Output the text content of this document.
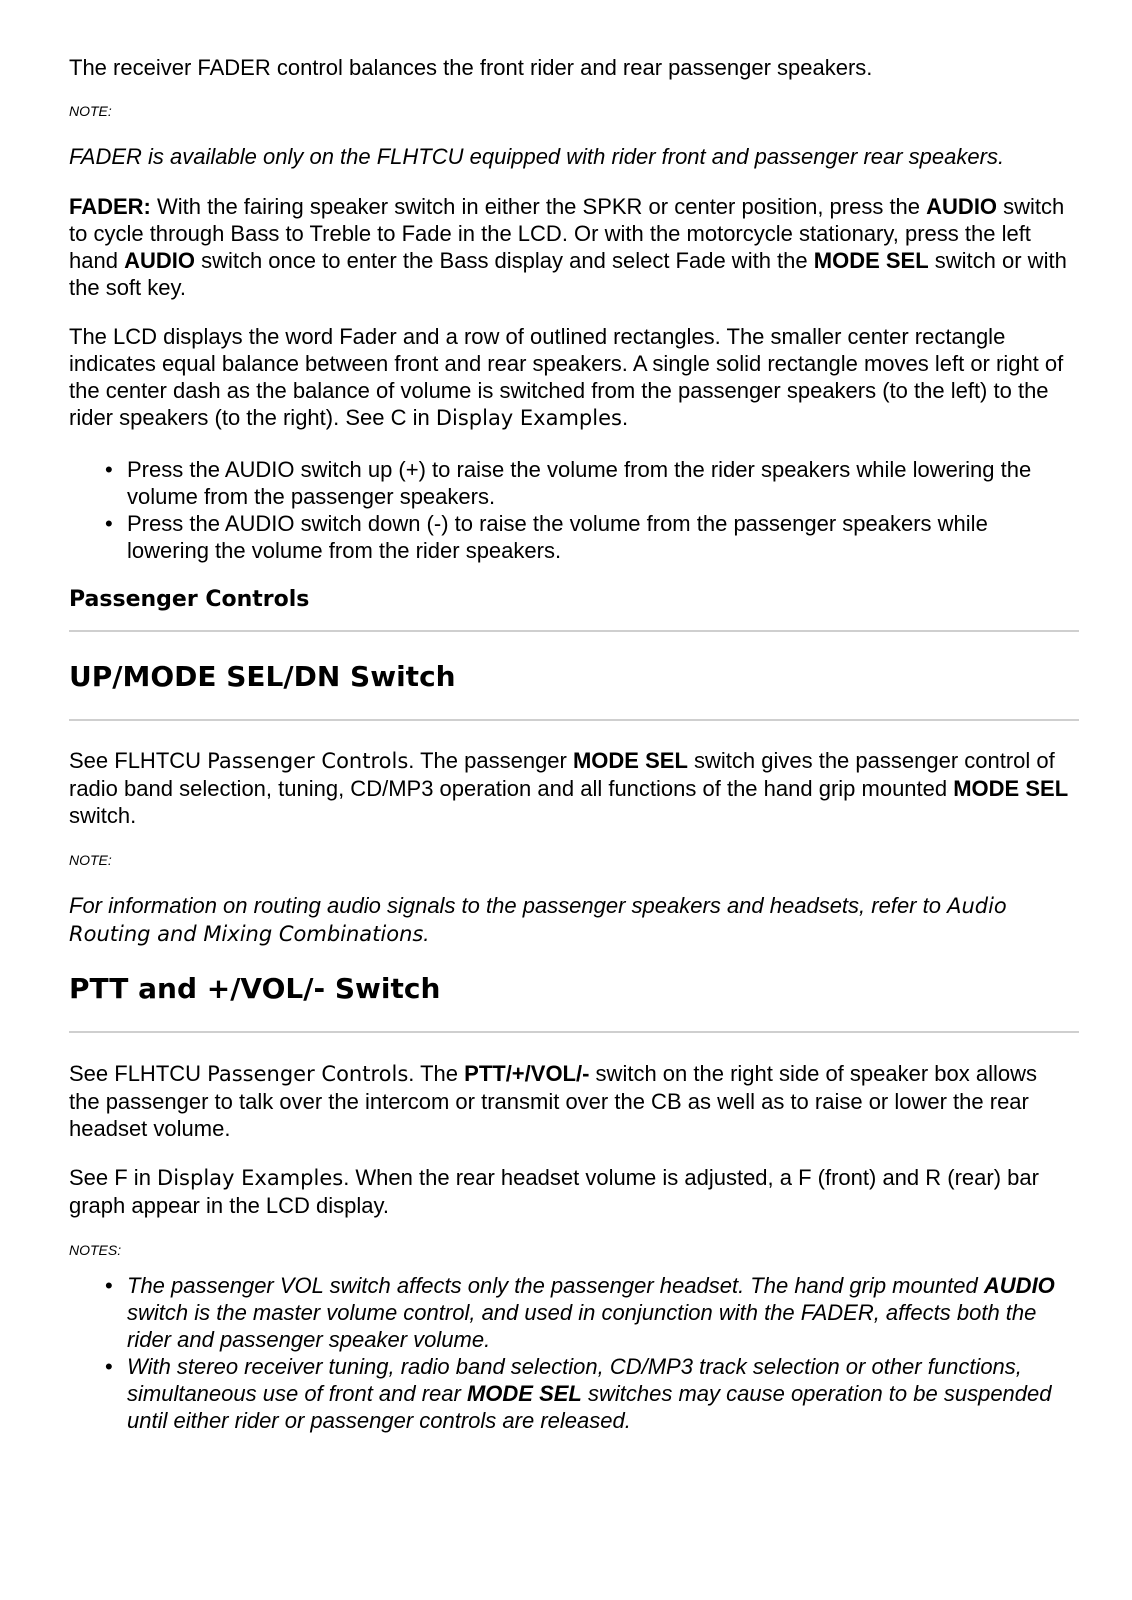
The receiver FADER control balances the front rider and rear passenger speakers.

NOTE:

FADER is available only on the FLHTCU equipped with rider front and passenger rear speakers.

FADER: With the fairing speaker switch in either the SPKR or center position, press the AUDIO switch to cycle through Bass to Treble to Fade in the LCD. Or with the motorcycle stationary, press the left hand AUDIO switch once to enter the Bass display and select Fade with the MODE SEL switch or with the soft key.

The LCD displays the word Fader and a row of outlined rectangles. The smaller center rectangle indicates equal balance between front and rear speakers. A single solid rectangle moves left or right of the center dash as the balance of volume is switched from the passenger speakers (to the left) to the rider speakers (to the right). See C in Display Examples.

• Press the AUDIO switch up (+) to raise the volume from the rider speakers while lowering the volume from the passenger speakers.
• Press the AUDIO switch down (-) to raise the volume from the passenger speakers while lowering the volume from the rider speakers.

Passenger Controls

UP/MODE SEL/DN Switch

See FLHTCU Passenger Controls. The passenger MODE SEL switch gives the passenger control of radio band selection, tuning, CD/MP3 operation and all functions of the hand grip mounted MODE SEL switch.

NOTE:

For information on routing audio signals to the passenger speakers and headsets, refer to Audio Routing and Mixing Combinations.

PTT and +/VOL/- Switch

See FLHTCU Passenger Controls. The PTT/+/VOL/- switch on the right side of speaker box allows the passenger to talk over the intercom or transmit over the CB as well as to raise or lower the rear headset volume.

See F in Display Examples. When the rear headset volume is adjusted, a F (front) and R (rear) bar graph appear in the LCD display.

NOTES:

• The passenger VOL switch affects only the passenger headset. The hand grip mounted AUDIO switch is the master volume control, and used in conjunction with the FADER, affects both the rider and passenger speaker volume.
• With stereo receiver tuning, radio band selection, CD/MP3 track selection or other functions, simultaneous use of front and rear MODE SEL switches may cause operation to be suspended until either rider or passenger controls are released.
